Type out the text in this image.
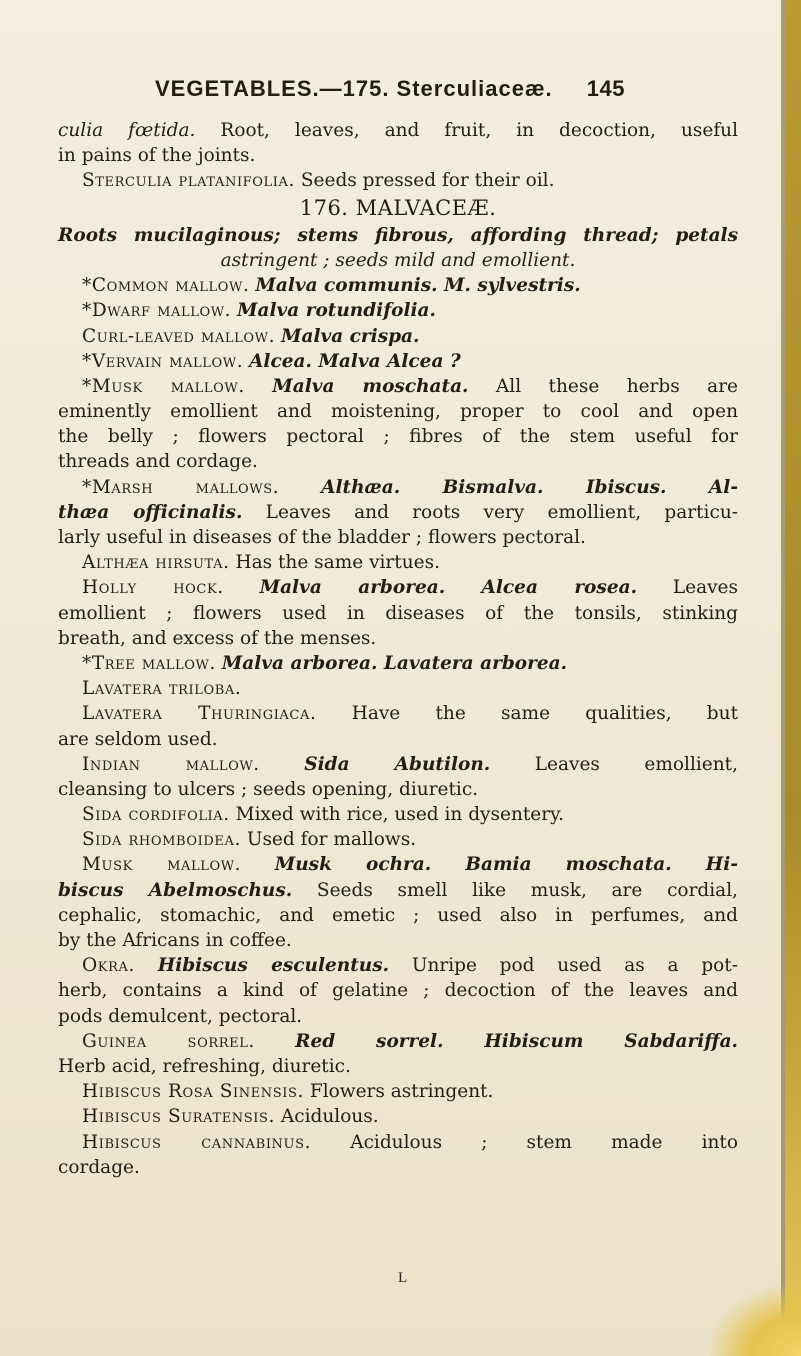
VEGETABLES.—175. Sterculiaceæ. 145
culia fœtida. Root, leaves, and fruit, in decoction, useful
in pains of the joints.
Sterculia platanifolia. Seeds pressed for their oil.
176. MALVACEÆ.
Roots mucilaginous; stems fibrous, affording thread; petals
astringent ; seeds mild and emollient.
*Common mallow. Malva communis. M. sylvestris.
*Dwarf mallow. Malva rotundifolia.
Curl-leaved mallow. Malva crispa.
*Vervain mallow. Alcea. Malva Alcea ?
*Musk mallow. Malva moschata. All these herbs are
eminently emollient and moistening, proper to cool and open
the belly ; flowers pectoral ; fibres of the stem useful for
threads and cordage.
*Marsh mallows. Althæa. Bismalva. Ibiscus. Al-
thæa officinalis. Leaves and roots very emollient, particu-
larly useful in diseases of the bladder ; flowers pectoral.
Althæa hirsuta. Has the same virtues.
Holly hock. Malva arborea. Alcea rosea. Leaves
emollient ; flowers used in diseases of the tonsils, stinking
breath, and excess of the menses.
*Tree mallow. Malva arborea. Lavatera arborea.
Lavatera triloba.
Lavatera Thuringiaca. Have the same qualities, but
are seldom used.
Indian mallow. Sida Abutilon. Leaves emollient,
cleansing to ulcers ; seeds opening, diuretic.
Sida cordifolia. Mixed with rice, used in dysentery.
Sida rhomboidea. Used for mallows.
Musk mallow. Musk ochra. Bamia moschata. Hi-
biscus Abelmoschus. Seeds smell like musk, are cordial,
cephalic, stomachic, and emetic ; used also in perfumes, and
by the Africans in coffee.
Okra. Hibiscus esculentus. Unripe pod used as a pot-
herb, contains a kind of gelatine ; decoction of the leaves and
pods demulcent, pectoral.
Guinea sorrel. Red sorrel. Hibiscum Sabdariffa.
Herb acid, refreshing, diuretic.
Hibiscus Rosa Sinensis. Flowers astringent.
Hibiscus Suratensis. Acidulous.
Hibiscus cannabinus. Acidulous ; stem made into
cordage.
L
